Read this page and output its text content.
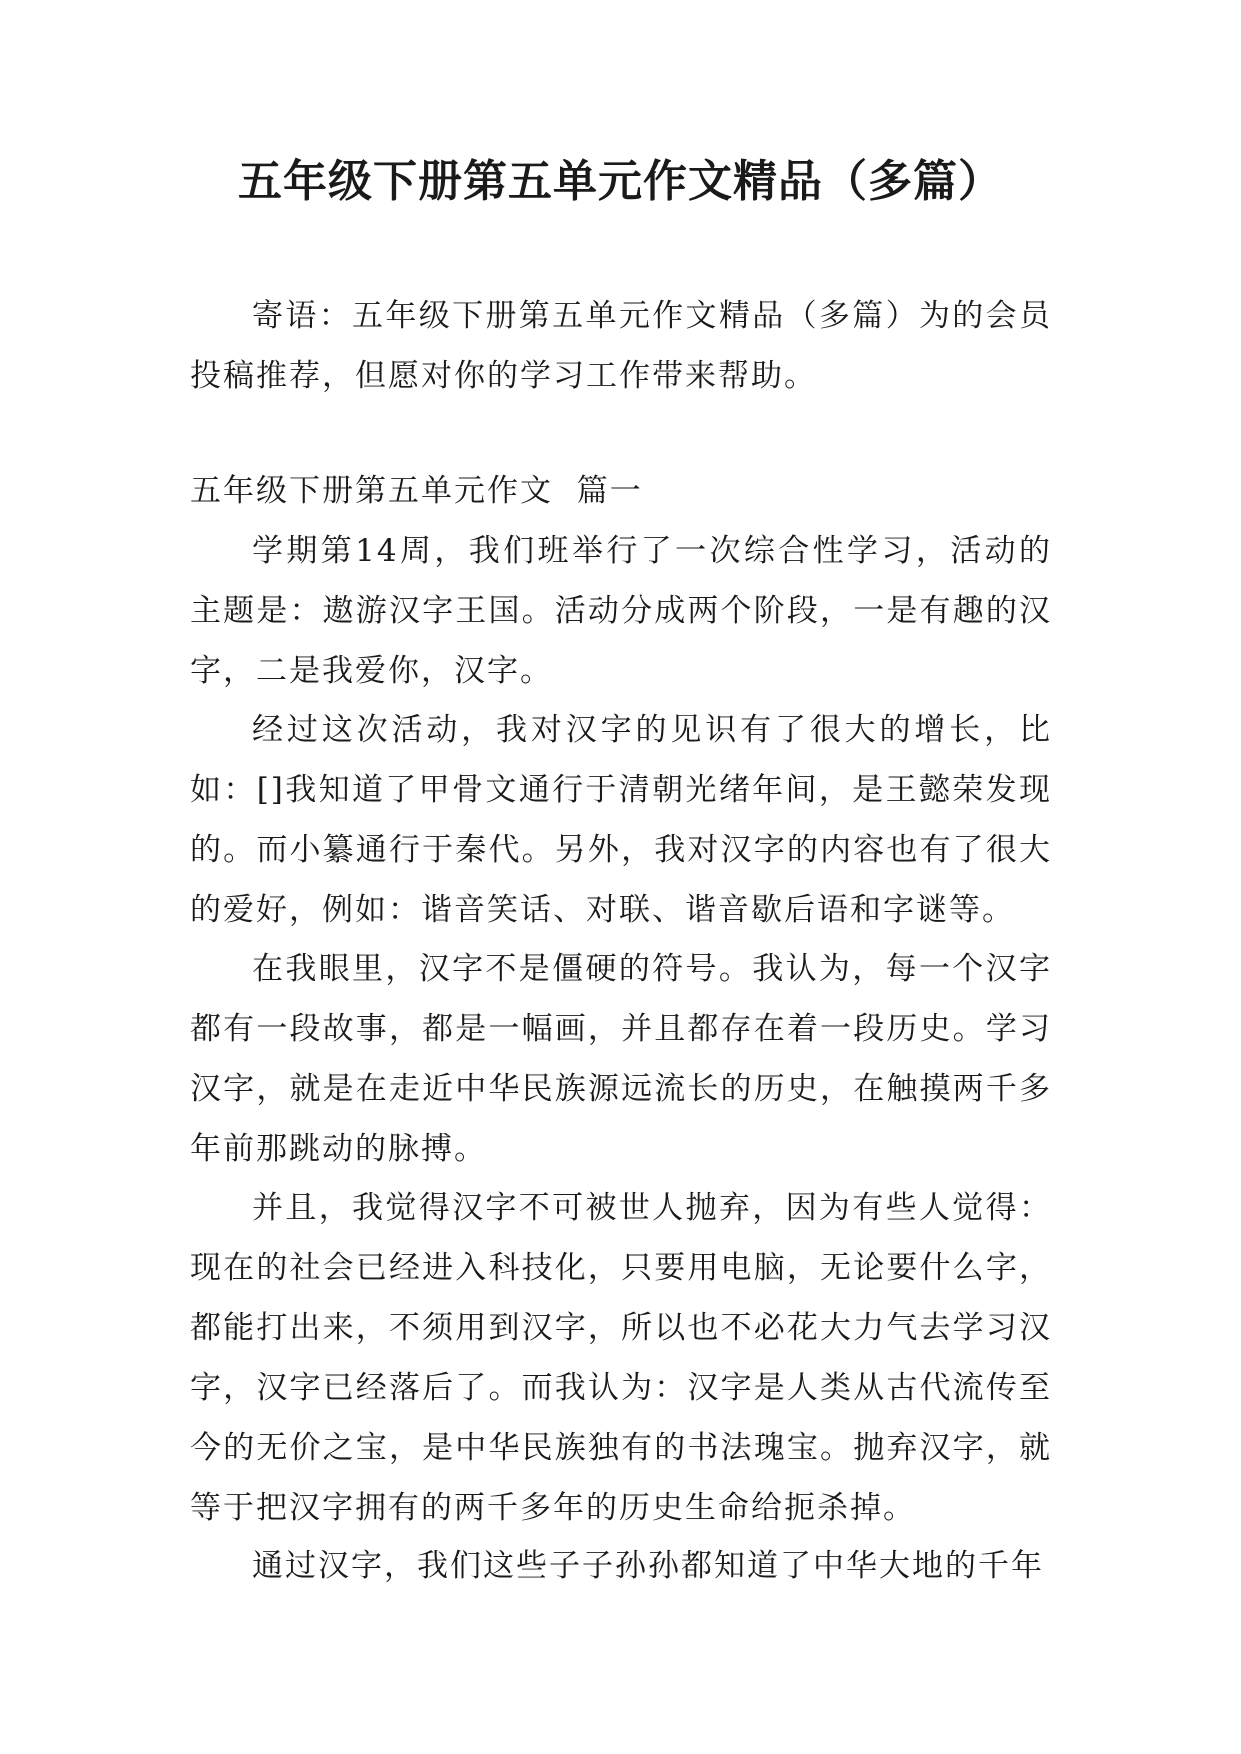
五年级下册第五单元作文精品（多篇）

寄语：五年级下册第五单元作文精品（多篇）为的会员投稿推荐，但愿对你的学习工作带来帮助。

五年级下册第五单元作文  篇一

学期第14周，我们班举行了一次综合性学习，活动的主题是：遨游汉字王国。活动分成两个阶段，一是有趣的汉字，二是我爱你，汉字。

经过这次活动，我对汉字的见识有了很大的增长，比如：[]我知道了甲骨文通行于清朝光绪年间，是王懿荣发现的。而小纂通行于秦代。另外，我对汉字的内容也有了很大的爱好，例如：谐音笑话、对联、谐音歇后语和字谜等。

在我眼里，汉字不是僵硬的符号。我认为，每一个汉字都有一段故事，都是一幅画，并且都存在着一段历史。学习汉字，就是在走近中华民族源远流长的历史，在触摸两千多年前那跳动的脉搏。

并且，我觉得汉字不可被世人抛弃，因为有些人觉得：现在的社会已经进入科技化，只要用电脑，无论要什么字，都能打出来，不须用到汉字，所以也不必花大力气去学习汉字，汉字已经落后了。而我认为：汉字是人类从古代流传至今的无价之宝，是中华民族独有的书法瑰宝。抛弃汉字，就等于把汉字拥有的两千多年的历史生命给扼杀掉。

通过汉字，我们这些子子孙孙都知道了中华大地的千年
